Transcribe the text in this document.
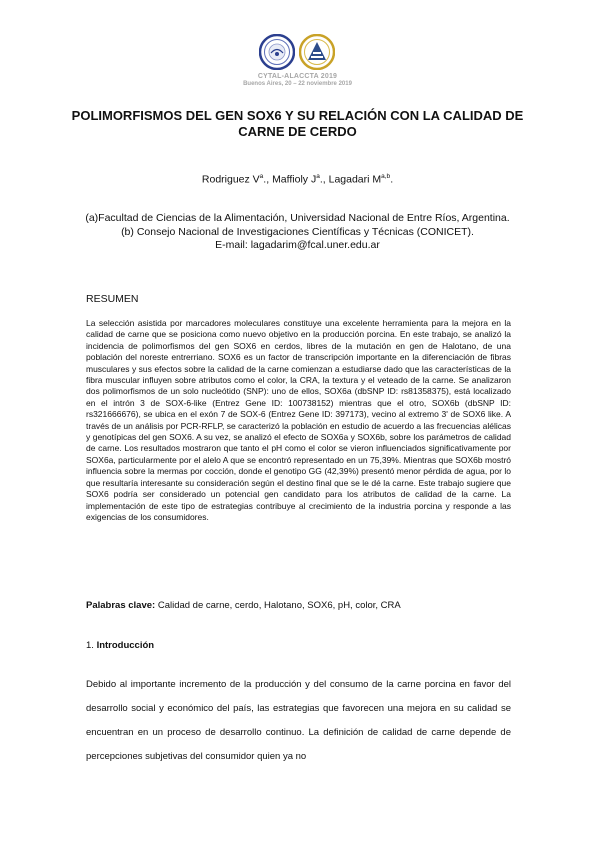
CYTAL-ALACCTA 2019
Buenos Aires, 20 – 22 noviembre 2019
POLIMORFISMOS DEL GEN SOX6 Y SU RELACIÓN CON LA CALIDAD DE CARNE DE CERDO
Rodriguez $V^a$., Maffioly $J^a$., Lagadari M$^{a,b}$.
(a)Facultad de Ciencias de la Alimentación, Universidad Nacional de Entre Ríos, Argentina.
(b) Consejo Nacional de Investigaciones Científicas y Técnicas (CONICET).
E-mail: lagadarim@fcal.uner.edu.ar
RESUMEN
La selección asistida por marcadores moleculares constituye una excelente herramienta para la mejora en la calidad de carne que se posiciona como nuevo objetivo en la producción porcina. En este trabajo, se analizó la incidencia de polimorfismos del gen SOX6 en cerdos, libres de la mutación en gen de Halotano, de una población del noreste entrerriano. SOX6 es un factor de transcripción importante en la diferenciación de fibras musculares y sus efectos sobre la calidad de la carne comienzan a estudiarse dado que las características de la fibra muscular influyen sobre atributos como el color, la CRA, la textura y el veteado de la carne. Se analizaron dos polimorfismos de un solo nucleótido (SNP): uno de ellos, SOX6a (dbSNP ID: rs81358375), está localizado en el intrón 3 de SOX-6-like (Entrez Gene ID: 100738152) mientras que el otro, SOX6b (dbSNP ID: rs321666676), se ubica en el exón 7 de SOX-6 (Entrez Gene ID: 397173), vecino al extremo 3' de SOX6 like. A través de un análisis por PCR-RFLP, se caracterizó la población en estudio de acuerdo a las frecuencias alélicas y genotípicas del gen SOX6. A su vez, se analizó el efecto de SOX6a y SOX6b, sobre los parámetros de calidad de carne. Los resultados mostraron que tanto el pH como el color se vieron influenciados significativamente por SOX6a, particularmente por el alelo A que se encontró representado en un 75,39%. Mientras que SOX6b mostró influencia sobre la mermas por cocción, donde el genotipo GG (42,39%) presentó menor pérdida de agua, por lo que resultaría interesante su consideración según el destino final que se le dé la carne. Este trabajo sugiere que SOX6 podría ser considerado un potencial gen candidato para los atributos de calidad de la carne. La implementación de este tipo de estrategias contribuye al crecimiento de la industria porcina y responde a las exigencias de los consumidores.
Palabras clave: Calidad de carne, cerdo, Halotano, SOX6, pH, color, CRA
1. Introducción
Debido al importante incremento de la producción y del consumo de la carne porcina en favor del desarrollo social y económico del país, las estrategias que favorecen una mejora en su calidad se encuentran en un proceso de desarrollo continuo. La definición de calidad de carne depende de percepciones subjetivas del consumidor quien ya no
